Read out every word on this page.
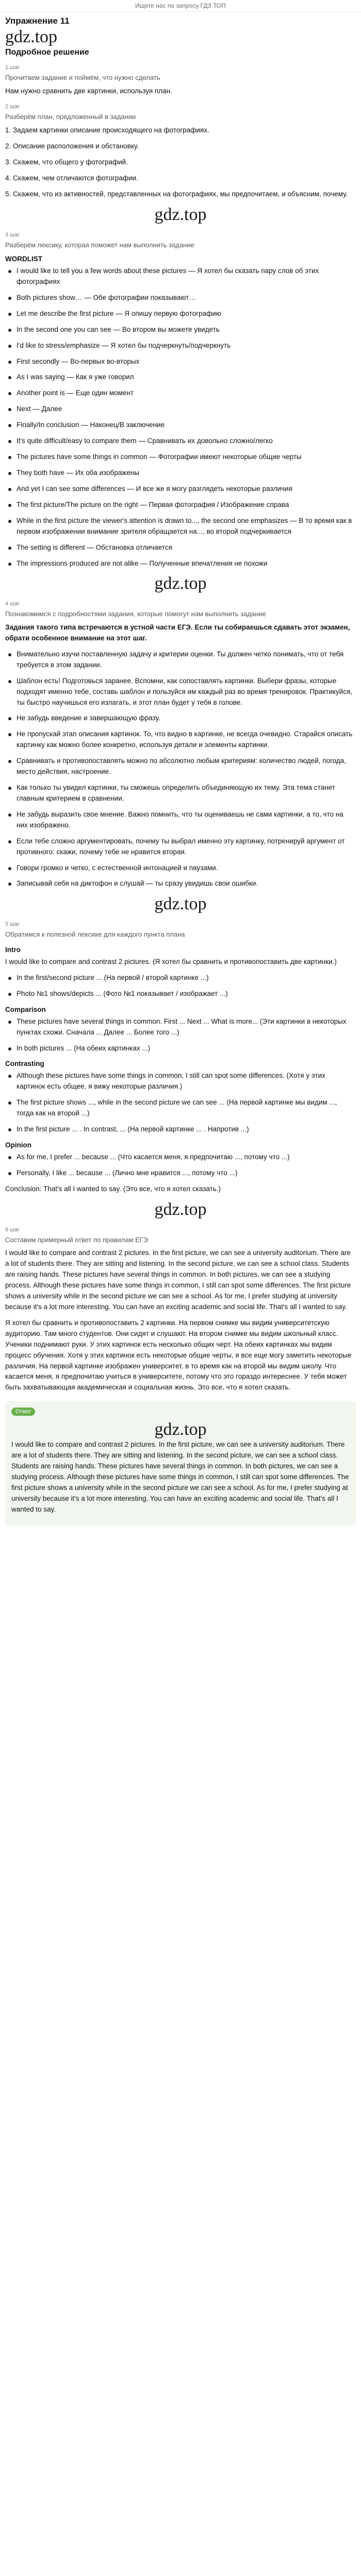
Ищете нас по запросу ГДЗ ТОП
Упражнение 11
gdz.top
Подробное решение
1 шаг
Прочитаем задание и поймём, что нужно сделать

Нам нужно сравнить две картинки, используя план.

2 шаг
Разберём план, предложенный в задании

1. Задаем картинки описание происходящего на фотографиях.

2. Описание расположения и обстановку.

3. Скажем, что общего у фотографий.

4. Скажем, чем отличаются фотографии.

5. Скажем, что из активностей, представленных на фотографиях, мы предпочитаем, и объясним, почему.

gdz.top
3 шаг
Разберём лексику, которая поможет нам выполнить задание
WORDLIST
I would like to tell you a few words about these pictures — Я хотел бы сказать пару слов об этих фотографиях
Both pictures show… — Обе фотографии показывают…
Let me describe the first picture — Я опишу первую фотографию
In the second one you can see — Во втором вы можете увидеть
I'd like to stress/emphasize — Я хотел бы подчеркнуть/подчеркнуть
First secondly — Во-первых во-вторых
As I was saying — Как я уже говорил
Another point is — Еще один момент
Next — Далее
Finally/In conclusion — Наконец/В заключение
It's quite difficult/easy to compare them — Сравнивать их довольно сложно/легко
The pictures have some things in common — Фотографии имеют некоторые общие черты
They both have — Их оба изображены
And yet I can see some differences — И все же я могу разглядеть некоторые различия
The first picture/The picture on the right — Первая фотография / Изображение справа
While in the first picture the viewer's attention is drawn to..., the second one emphasizes — В то время как в первом изображении внимание зрителя обращается на..., во второй подчеркивается
The setting is different — Обстановка отличается
The impressions produced are not alike — Полученные впечатления не похожи
gdz.top
4 шаг
Познакомимся с подробностями задания, которые помогут нам выполнить задание

Задания такого типа встречаются в устной части ЕГЭ. Если ты собираешься сдавать этот экзамен, обрати особенное внимание на этот шаг.

Внимательно изучи поставленную задачу и критерии оценки. Ты должен четко понимать, что от тебя требуется в этом задании.
Шаблон есть! Подготовься заранее. Вспомни, как сопоставлять картинки. Выбери фразы, которые подходят именно тебе, составь шаблон и пользуйся им каждый раз во время тренировок. Практикуйся, ты быстро научишься его излагать, и этот план будет у тебя в голове.
Не забудь введение и завершающую фразу.
Не пропускай этап описания картинок. То, что видно в картинке, не всегда очевидно. Старайся описать картинку как можно более конкретно, используя детали и элементы картинки.
Сравнивать и противопоставлять можно по абсолютно любым критериям: количество людей, погода, место действия, настроение.
Как только ты увидел картинки, ты сможешь определить объединяющую их тему. Эта тема станет главным критерием в сравнении.
Не забудь выразить свое мнение. Важно помнить, что ты оцениваешь не сами картинки, а то, что на них изображено.
Если тебе сложно аргументировать, почему ты выбрал именно эту картинку, потренируй аргумент от противного: скажи, почему тебе не нравится вторая.
Говори громко и четко, с естественной интонацией и паузами.
Записывай себя на диктофон и слушай — ты сразу увидишь свои ошибки.
gdz.top
5 шаг
Обратимся к полезной лексике для каждого пункта плана
Intro

I would like to compare and contrast 2 pictures. (Я хотел бы сравнить и противопоставить две картинки.)

In the first/second picture ... (На первой / второй картинке ...)
Photo №1 shows/depicts ... (Фото №1 показывает / изображает ...)
Comparison
These pictures have several things in common. First ... Next ... What is more... (Эти картинки в некоторых пунктах схожи. Сначала ... Далее ... Более того ...)
In both pictures ... (На обеих картинках ...)
Contrasting
Although these pictures have some things in common, I still can spot some differences. (Хотя у этих картинок есть общее, я вижу некоторые различия.)
The first picture shows ..., while in the second picture we can see ... (На первой картинке мы видим ..., тогда как на второй ...)
In the first picture ... . In contrast, ... (На первой картинке ... . Напротив ...)
Opinion
As for me, I prefer ... because ... (Что касается меня, я предпочитаю ..., потому что ...)
Personally, I like ... because ... (Лично мне нравится ..., потому что ...)

Conclusion: That's all I wanted to say. (Это все, что я хотел сказать.)

gdz.top
6 шаг
Составим примерный ответ по правилам ЕГЭ

I would like to compare and contrast 2 pictures. In the first picture, we can see a university auditorium. There are a lot of students there. They are sitting and listening. In the second picture, we can see a school class. Students are raising hands. These pictures have several things in common. In both pictures, we can see a studying process. Although these pictures have some things in common, I still can spot some differences. The first picture shows a university while in the second picture we can see a school. As for me, I prefer studying at university because it's a lot more interesting. You can have an exciting academic and social life. That's all I wanted to say.

Я хотел бы сравнить и противопоставить 2 картинки. На первом снимке мы видим университетскую аудиторию. Там много студентов. Они сидят и слушают. На втором снимке мы видим школьный класс. Ученики поднимают руки. У этих картинок есть несколько общих черт. На обеих картинках мы видим процесс обучения. Хотя у этих картинок есть некоторые общие черты, я все еще могу заметить некоторые различия. На первой картинке изображен университет, в то время как на второй мы видим школу. Что касается меня, я предпочитаю учиться в университете, потому что это гораздо интереснее. У тебя может быть захватывающая академическая и социальная жизнь. Это все, что я хотел сказать.

Ответ
gdz.top

I would like to compare and contrast 2 pictures. In the first picture, we can see a university auditorium. There are a lot of students there. They are sitting and listening. In the second picture, we can see a school class. Students are raising hands. These pictures have several things in common. In both pictures, we can see a studying process. Although these pictures have some things in common, I still can spot some differences. The first picture shows a university while in the second picture we can see a school. As for me, I prefer studying at university because it's a lot more interesting. You can have an exciting academic and social life. That's all I wanted to say.
